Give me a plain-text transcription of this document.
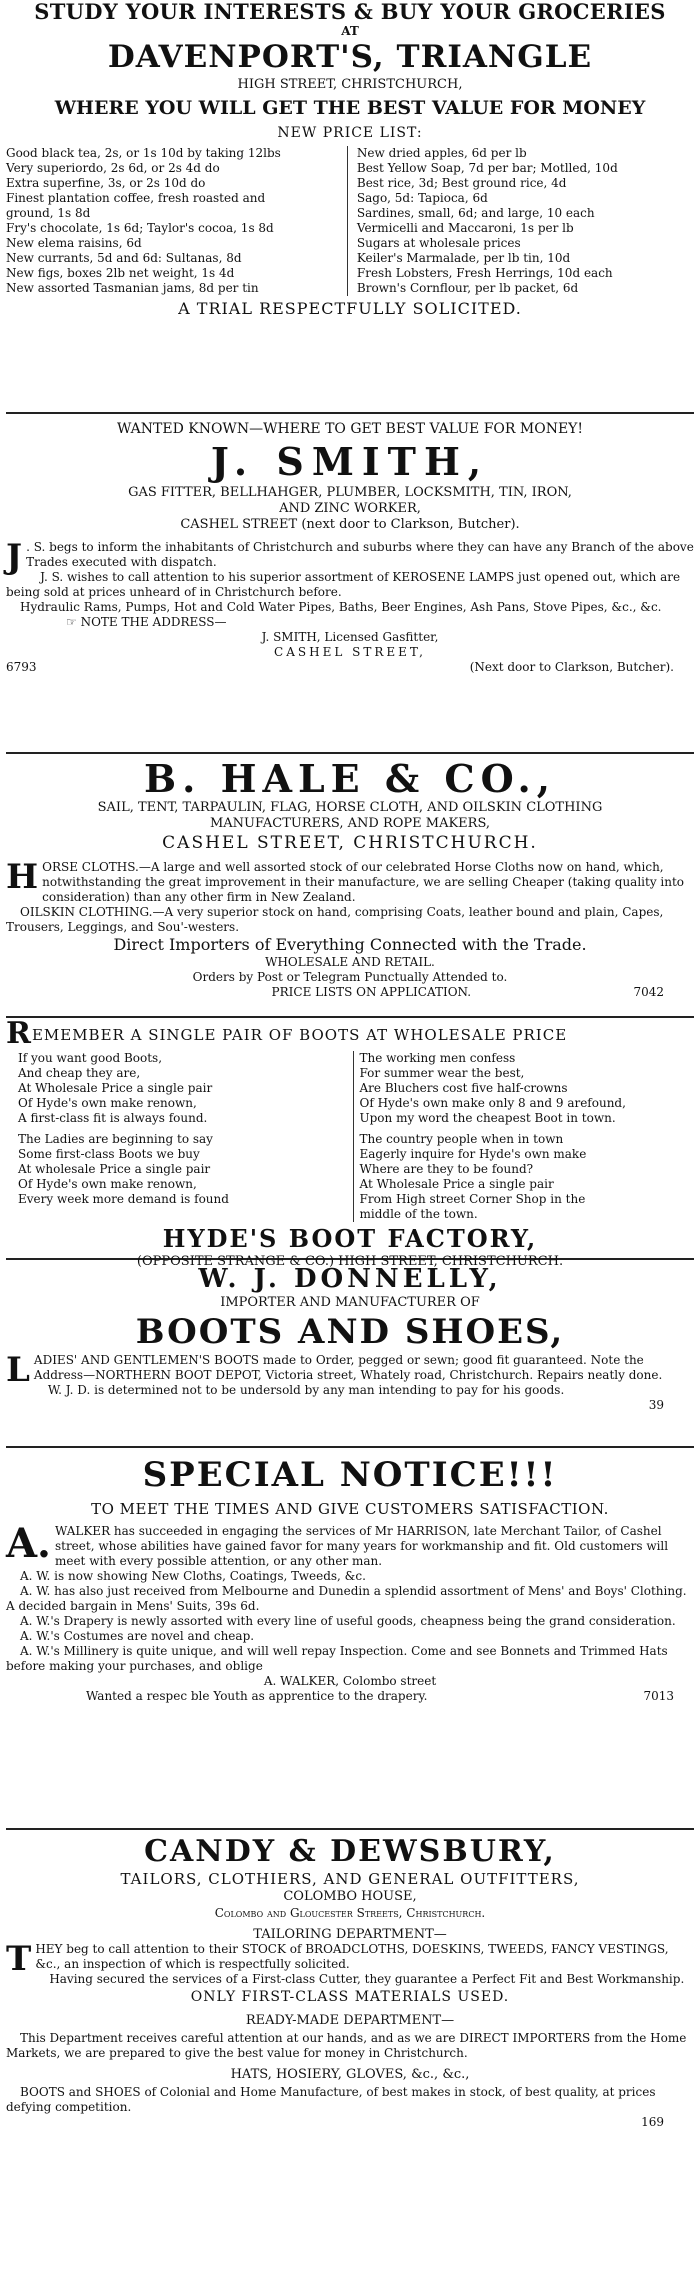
STUDY YOUR INTERESTS & BUY YOUR GROCERIES
AT
DAVENPORT'S, TRIANGLE
HIGH STREET, CHRISTCHURCH,
WHERE YOU WILL GET THE BEST VALUE FOR MONEY
NEW PRICE LIST:
Good black tea, 2s, or 1s 10d by taking 12lbs
Very superiordo, 2s 6d, or 2s 4d do
Extra superfine, 3s, or 2s 10d do
Finest plantation coffee, fresh roasted and
ground, 1s 8d
Fry's chocolate, 1s 6d; Taylor's cocoa, 1s 8d
New elema raisins, 6d
New currants, 5d and 6d: Sultanas, 8d
New figs, boxes 2lb net weight, 1s 4d
New assorted Tasmanian jams, 8d per tin
New dried apples, 6d per lb
Best Yellow Soap, 7d per bar; Motlled, 10d
Best rice, 3d; Best ground rice, 4d
Sago, 5d: Tapioca, 6d
Sardines, small, 6d; and large, 10 each
Vermicelli and Maccaroni, 1s per lb
Sugars at wholesale prices
Keiler's Marmalade, per lb tin, 10d
Fresh Lobsters, Fresh Herrings, 10d each
Brown's Cornflour, per lb packet, 6d
A TRIAL RESPECTFULLY SOLICITED.
WANTED KNOWN—WHERE TO GET BEST VALUE FOR MONEY!
J. SMITH,
GAS FITTER, BELLHAHGER, PLUMBER, LOCKSMITH, TIN, IRON,
AND ZINC WORKER,
CASHEL STREET (next door to Clarkson, Butcher).
J . S. begs to inform the inhabitants of Christchurch and suburbs where they can have any Branch of the above Trades executed with dispatch.

J. S. wishes to call attention to his superior assortment of KEROSENE LAMPS just opened out, which are being sold at prices unheard of in Christchurch before.

Hydraulic Rams, Pumps, Hot and Cold Water Pipes, Baths, Beer Engines, Ash Pans, Stove Pipes, &c., &c.

☞ NOTE THE ADDRESS—

J. SMITH, Licensed Gasfitter,

CASHEL STREET,

6793	(Next door to Clarkson, Butcher).
B. HALE & CO.,
SAIL, TENT, TARPAULIN, FLAG, HORSE CLOTH, AND OILSKIN CLOTHING
MANUFACTURERS, AND ROPE MAKERS,
CASHEL STREET, CHRISTCHURCH.
H ORSE CLOTHS.—A large and well assorted stock of our celebrated Horse Cloths now on hand, which, notwithstanding the great improvement in their manufacture, we are selling Cheaper (taking quality into consideration) than any other firm in New Zealand.

OILSKIN CLOTHING.—A very superior stock on hand, comprising Coats, leather bound and plain, Capes, Trousers, Leggings, and Sou'-westers.

Direct Importers of Everything Connected with the Trade.

WHOLESALE AND RETAIL.

Orders by Post or Telegram Punctually Attended to.

PRICE LISTS ON APPLICATION.	7042
REMEMBER A SINGLE PAIR OF BOOTS AT WHOLESALE PRICE
If you want good Boots,
And cheap they are,
At Wholesale Price a single pair
Of Hyde's own make renown,
A first-class fit is always found.
The Ladies are beginning to say
Some first-class Boots we buy
At wholesale Price a single pair
Of Hyde's own make renown,
Every week more demand is found
The working men confess
For summer wear the best,
Are Bluchers cost five half-crowns
Of Hyde's own make only 8 and 9 arefound,
Upon my word the cheapest Boot in town.
The country people when in town
Eagerly inquire for Hyde's own make
Where are they to be found?
At Wholesale Price a single pair
From High street Corner Shop in the
middle of the town.
HYDE'S BOOT FACTORY,
(OPPOSITE STRANGE & CO.) HIGH STREET, CHRISTCHURCH.
W. J. DONNELLY,
IMPORTER AND MANUFACTURER OF
BOOTS AND SHOES,
L ADIES' AND GENTLEMEN'S BOOTS made to Order, pegged or sewn; good fit guaranteed. Note the Address—NORTHERN BOOT DEPOT, Victoria street, Whately road, Christchurch. Repairs neatly done.

W. J. D. is determined not to be undersold by any man intending to pay for his goods.

39

SPECIAL NOTICE!!!
TO MEET THE TIMES AND GIVE CUSTOMERS SATISFACTION.
A. WALKER has succeeded in engaging the services of Mr HARRISON, late Merchant Tailor, of Cashel street, whose abilities have gained favor for many years for workmanship and fit. Old customers will meet with every possible attention, or any other man.

A. W. is now showing New Cloths, Coatings, Tweeds, &c.

A. W. has also just received from Melbourne and Dunedin a splendid assortment of Mens' and Boys' Clothing. A decided bargain in Mens' Suits, 39s 6d.

A. W.'s Drapery is newly assorted with every line of useful goods, cheapness being the grand consideration.

A. W.'s Costumes are novel and cheap.

A. W.'s Millinery is quite unique, and will well repay Inspection. Come and see Bonnets and Trimmed Hats before making your purchases, and oblige

A. WALKER, Colombo street

Wanted a respec ble Youth as apprentice to the drapery.	7013
CANDY & DEWSBURY,
TAILORS, CLOTHIERS, AND GENERAL OUTFITTERS,
COLOMBO HOUSE,
Colombo and Gloucester Streets, Christchurch.

TAILORING DEPARTMENT—

T HEY beg to call attention to their STOCK of BROADCLOTHS, DOESKINS, TWEEDS, FANCY VESTINGS, &c., an inspection of which is respectfully solicited.

Having secured the services of a First-class Cutter, they guarantee a Perfect Fit and Best Workmanship.

ONLY FIRST-CLASS MATERIALS USED.

READY-MADE DEPARTMENT—

This Department receives careful attention at our hands, and as we are DIRECT IMPORTERS from the Home Markets, we are prepared to give the best value for money in Christchurch.

HATS, HOSIERY, GLOVES, &c., &c.,

BOOTS and SHOES of Colonial and Home Manufacture, of best makes in stock, of best quality, at prices defying competition.

169
